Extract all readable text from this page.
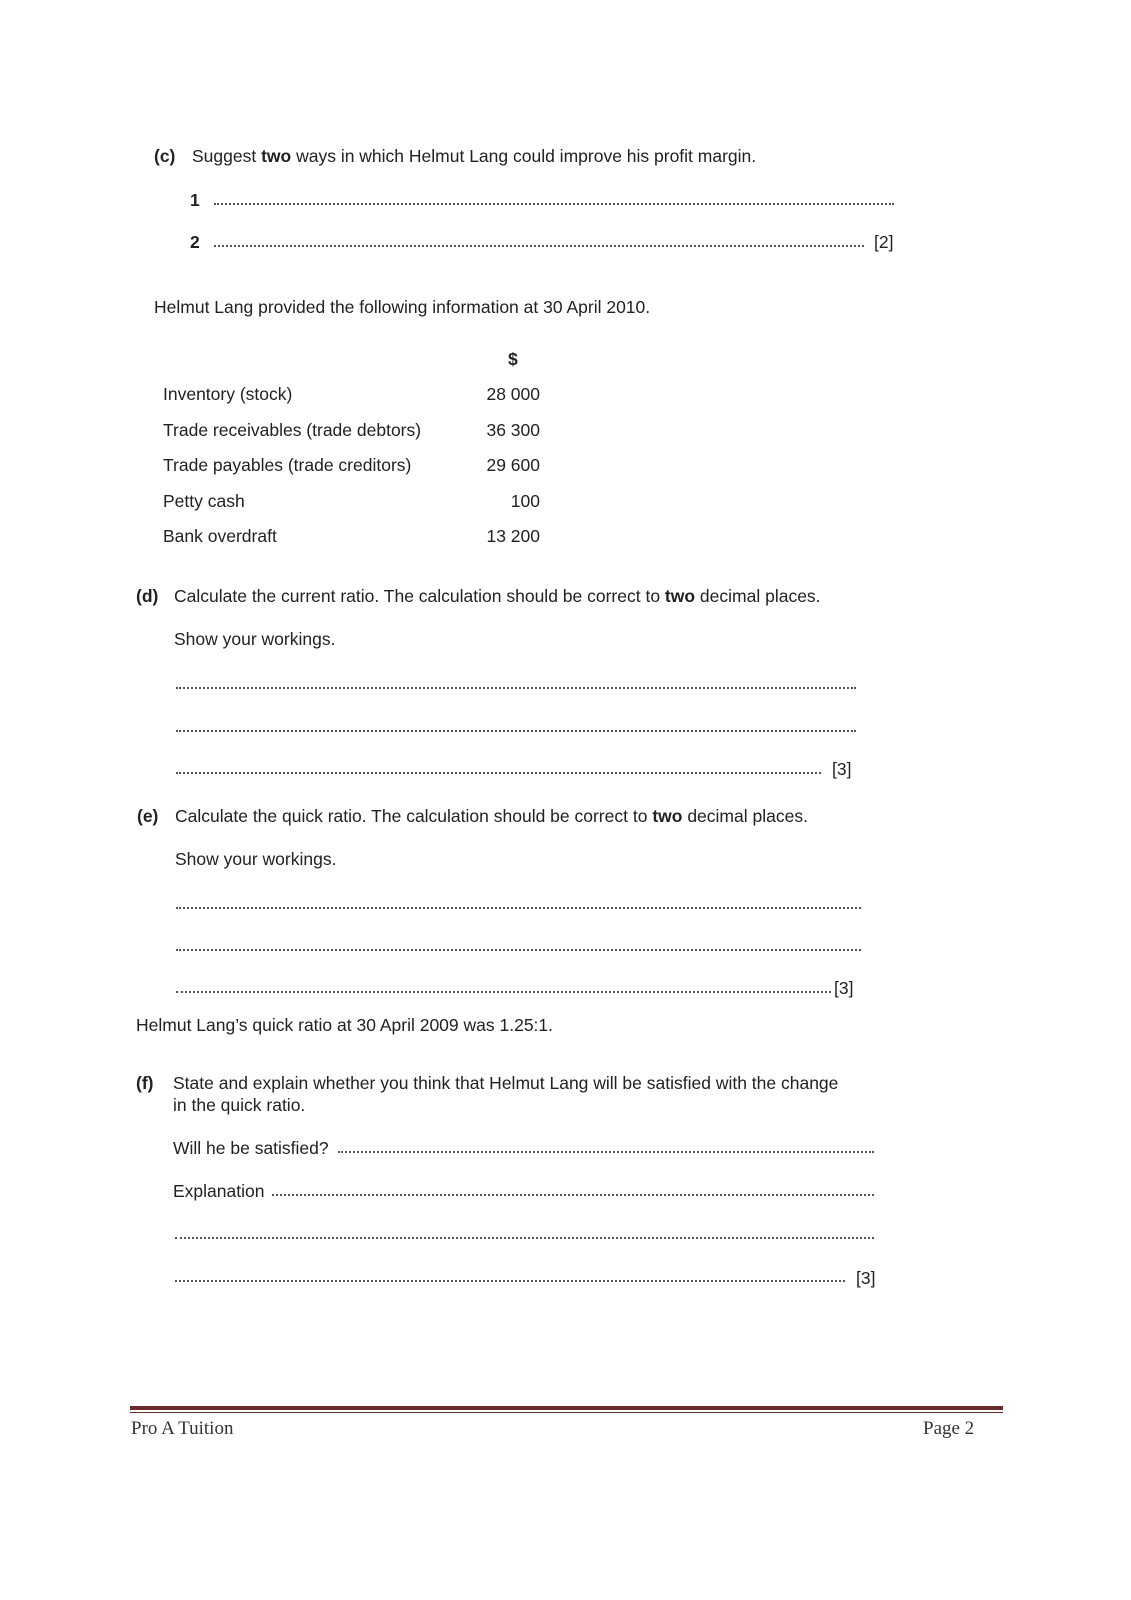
(c) Suggest two ways in which Helmut Lang could improve his profit margin.
1
2	[2]
Helmut Lang provided the following information at 30 April 2010.
$
Inventory (stock)	28 000
Trade receivables (trade debtors)	36 300
Trade payables (trade creditors)	29 600
Petty cash	100
Bank overdraft	13 200
(d) Calculate the current ratio. The calculation should be correct to two decimal places.
Show your workings.
[3]
(e) Calculate the quick ratio. The calculation should be correct to two decimal places.
Show your workings.
[3]
Helmut Lang’s quick ratio at 30 April 2009 was 1.25:1.
(f) State and explain whether you think that Helmut Lang will be satisfied with the change
in the quick ratio.
Will he be satisfied?
Explanation
[3]
Pro A Tuition	Page 2
